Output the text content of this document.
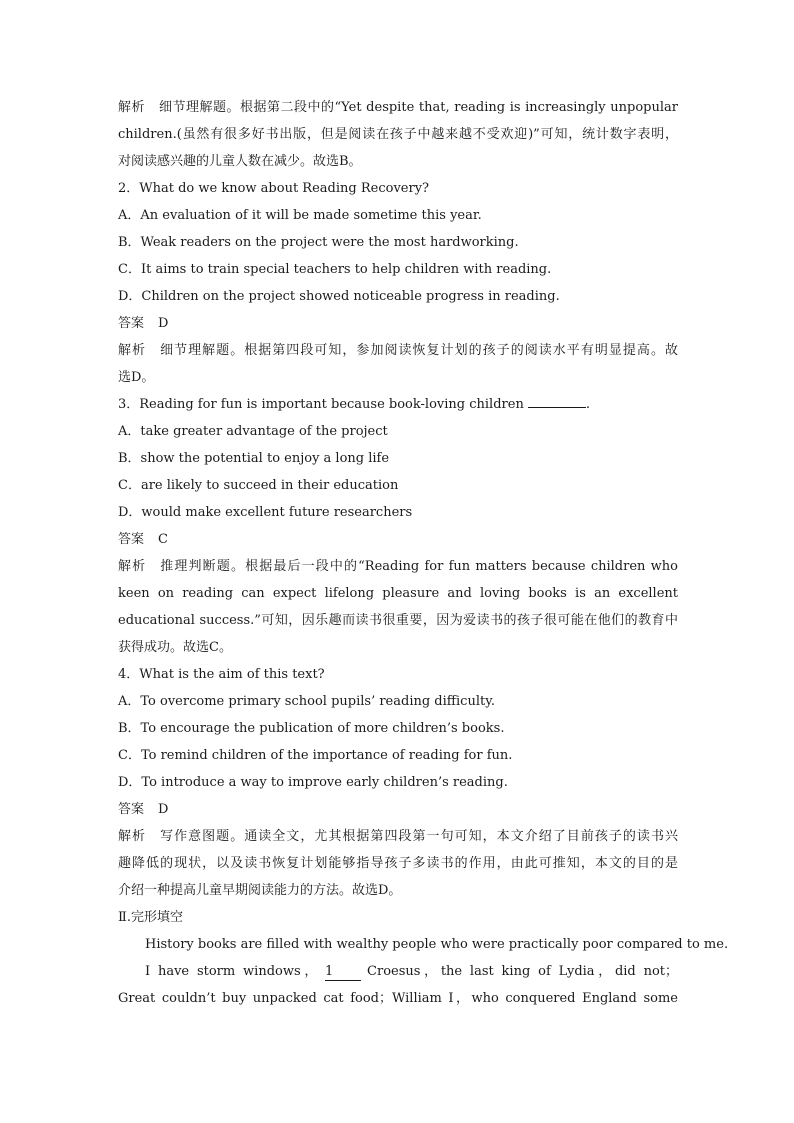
解析 细节理解题。根据第二段中的“Yet despite that, reading is increasingly unpopular
children.(虽然有很多好书出版，但是阅读在孩子中越来越不受欢迎)”可知，统计数字表明，
对阅读感兴趣的儿童人数在减少。故选B。
2．What do we know about Reading Recovery?
A．An evaluation of it will be made sometime this year.
B．Weak readers on the project were the most hardworking.
C．It aims to train special teachers to help children with reading.
D．Children on the project showed noticeable progress in reading.
答案 D
解析 细节理解题。根据第四段可知，参加阅读恢复计划的孩子的阅读水平有明显提高。故
选D。
3．Reading for fun is important because book-loving children	.
A．take greater advantage of the project
B．show the potential to enjoy a long life
C．are likely to succeed in their education
D．would make excellent future researchers
答案 C
解析 推理判断题。根据最后一段中的“Reading for fun matters because children who
keen on reading can expect lifelong pleasure and loving books is an excellent
educational success.”可知，因乐趣而读书很重要，因为爱读书的孩子很可能在他们的教育中
获得成功。故选C。
4．What is the aim of this text?
A．To overcome primary school pupils’ reading difficulty.
B．To encourage the publication of more children’s books.
C．To remind children of the importance of reading for fun.
D．To introduce a way to improve early children’s reading.
答案 D
解析 写作意图题。通读全文，尤其根据第四段第一句可知，本文介绍了目前孩子的读书兴
趣降低的现状，以及读书恢复计划能够指导孩子多读书的作用，由此可推知，本文的目的是
介绍一种提高儿童早期阅读能力的方法。故选D。
Ⅱ.完形填空
History books are filled with wealthy people who were practically poor compared to me.
I have storm windows， 1	Croesus，the last king of Lydia，did not；
Great couldn’t buy unpacked cat food；William Ⅰ，who conquered England some
